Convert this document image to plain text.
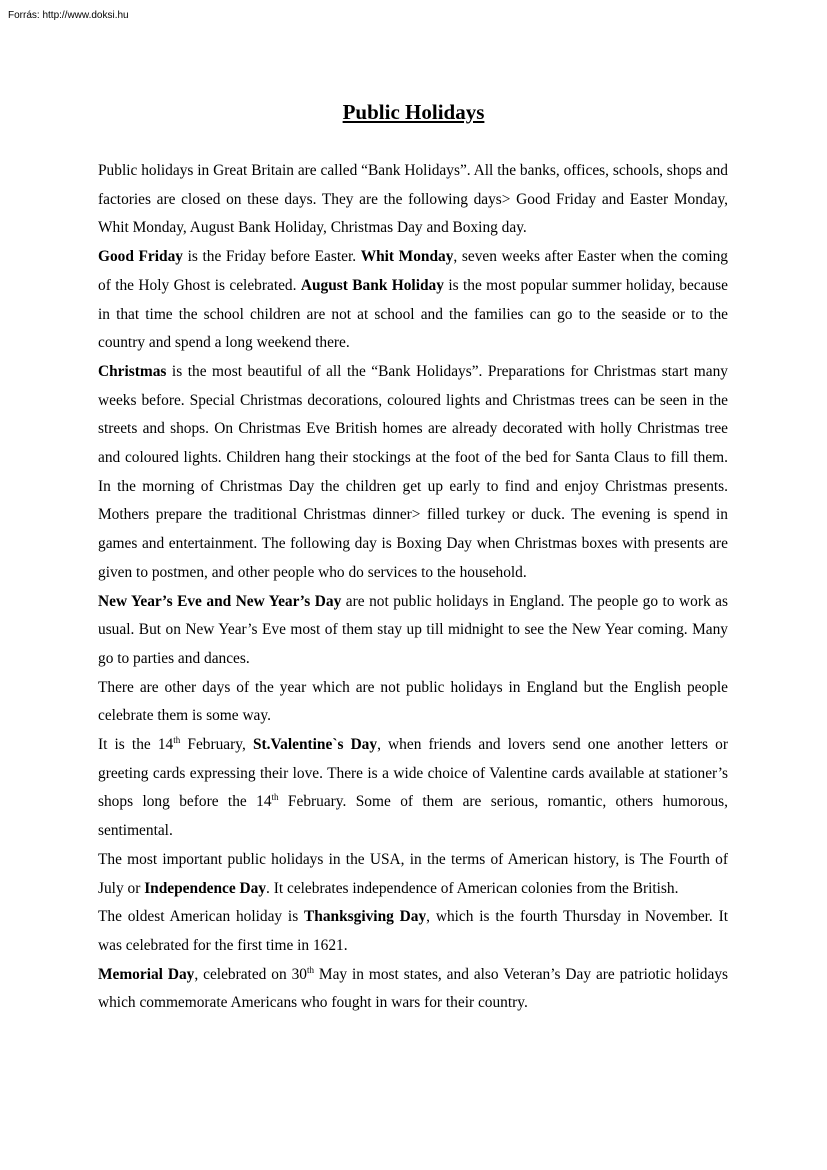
Forrás: http://www.doksi.hu
Public Holidays

Public holidays in Great Britain are called “Bank Holidays”. All the banks, offices, schools, shops and factories are closed on these days. They are the following days> Good Friday and Easter Monday, Whit Monday, August Bank Holiday, Christmas Day and Boxing day.

Good Friday is the Friday before Easter. Whit Monday, seven weeks after Easter when the coming of the Holy Ghost is celebrated. August Bank Holiday is the most popular summer holiday, because in that time the school children are not at school and the families can go to the seaside or to the country and spend a long weekend there.

Christmas is the most beautiful of all the “Bank Holidays”. Preparations for Christmas start many weeks before. Special Christmas decorations, coloured lights and Christmas trees can be seen in the streets and shops. On Christmas Eve British homes are already decorated with holly Christmas tree and coloured lights. Children hang their stockings at the foot of the bed for Santa Claus to fill them. In the morning of Christmas Day the children get up early to find and enjoy Christmas presents. Mothers prepare the traditional Christmas dinner> filled turkey or duck. The evening is spend in games and entertainment. The following day is Boxing Day when Christmas boxes with presents are given to postmen, and other people who do services to the household.

New Year’s Eve and New Year’s Day are not public holidays in England. The people go to work as usual. But on New Year’s Eve most of them stay up till midnight to see the New Year coming. Many go to parties and dances.

There are other days of the year which are not public holidays in England but the English people celebrate them is some way.

It is the 14th February, St.Valentine`s Day, when friends and lovers send one another letters or greeting cards expressing their love. There is a wide choice of Valentine cards available at stationer’s shops long before the 14th February. Some of them are serious, romantic, others humorous, sentimental.

The most important public holidays in the USA, in the terms of American history, is The Fourth of July or Independence Day. It celebrates independence of American colonies from the British.

The oldest American holiday is Thanksgiving Day, which is the fourth Thursday in November. It was celebrated for the first time in 1621.

Memorial Day, celebrated on 30th May in most states, and also Veteran’s Day are patriotic holidays which commemorate Americans who fought in wars for their country.
